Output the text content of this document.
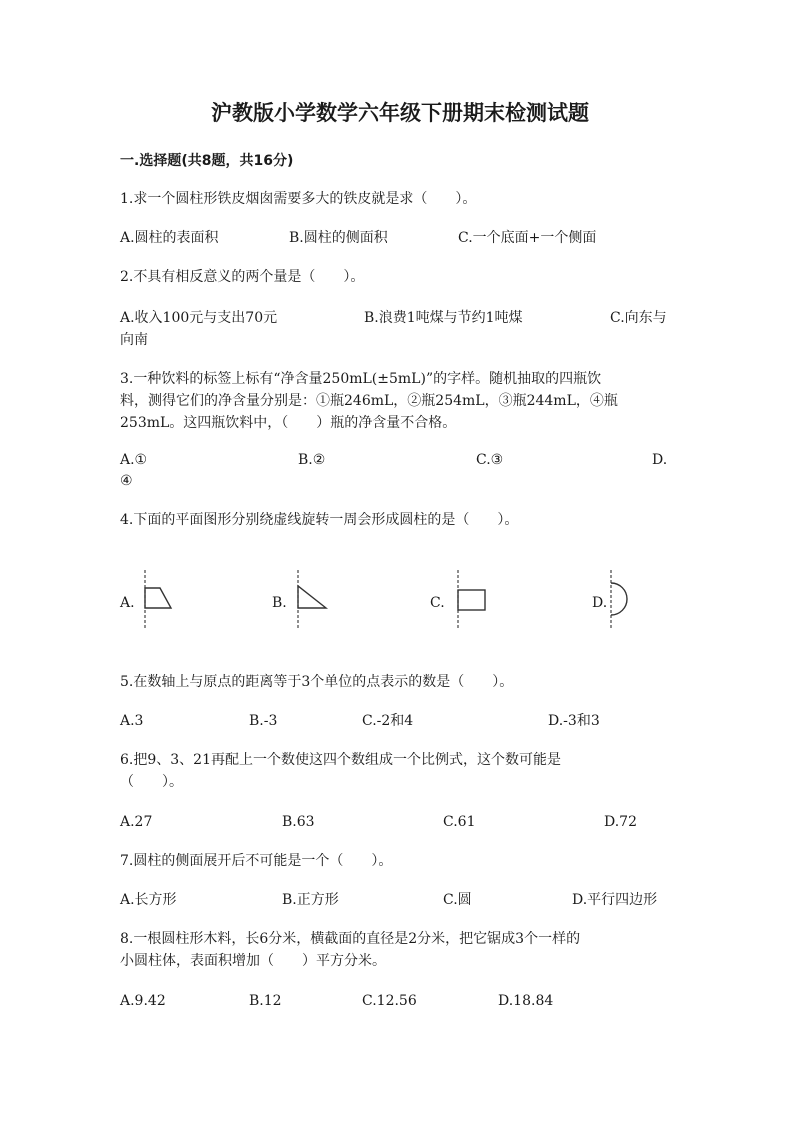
沪教版小学数学六年级下册期末检测试题
一.选择题(共8题，共16分)
1.求一个圆柱形铁皮烟囱需要多大的铁皮就是求（　　）。
A.圆柱的表面积	B.圆柱的侧面积	C.一个底面+一个侧面
2.不具有相反意义的两个量是（　　）。
A.收入100元与支出70元	B.浪费1吨煤与节约1吨煤	C.向东与
向南
3.一种饮料的标签上标有“净含量250mL(±5mL)”的字样。随机抽取的四瓶饮
料，测得它们的净含量分别是：①瓶246mL，②瓶254mL，③瓶244mL，④瓶
253mL。这四瓶饮料中，（　　）瓶的净含量不合格。
A.①	B.②	C.③	D.
④
4.下面的平面图形分别绕虚线旋转一周会形成圆柱的是（　　）。
A.	B.	C.	D.
5.在数轴上与原点的距离等于3个单位的点表示的数是（　　）。
A.3	B.-3	C.-2和4	D.-3和3
6.把9、3、21再配上一个数使这四个数组成一个比例式，这个数可能是
（　　）。
A.27	B.63	C.61	D.72
7.圆柱的侧面展开后不可能是一个（　　）。
A.长方形	B.正方形	C.圆	D.平行四边形
8.一根圆柱形木料，长6分米，横截面的直径是2分米，把它锯成3个一样的
小圆柱体，表面积增加（　　）平方分米。
A.9.42	B.12	C.12.56	D.18.84
